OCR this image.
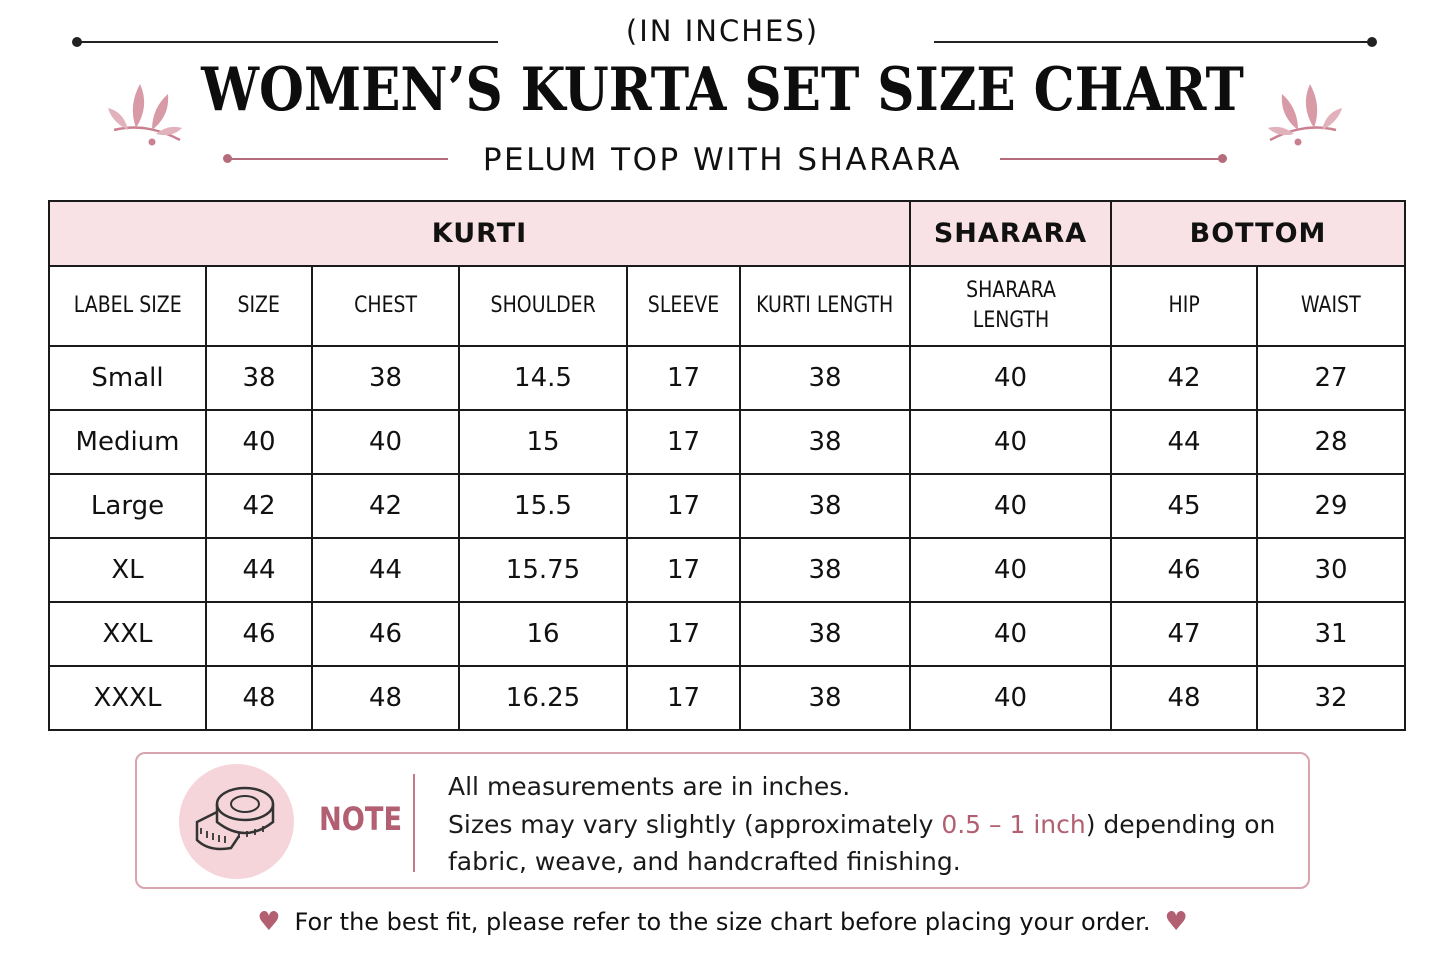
(IN INCHES)
WOMEN’S KURTA SET SIZE CHART
PELUM TOP WITH SHARARA
KURTI						SHARARA	BOTTOM	
LABEL SIZE	SIZE	CHEST	SHOULDER	SLEEVE	KURTI LENGTH	SHARARA LENGTH	HIP	WAIST
Small	38	38	14.5	17	38	40	42	27
Medium	40	40	15	17	38	40	44	28
Large	42	42	15.5	17	38	40	45	29
XL	44	44	15.75	17	38	40	46	30
XXL	46	46	16	17	38	40	47	31
XXXL	48	48	16.25	17	38	40	48	32
NOTE
All measurements are in inches.
Sizes may vary slightly (approximately 0.5 – 1 inch) depending on
fabric, weave, and handcrafted finishing.
♥ For the best fit, please refer to the size chart before placing your order. ♥
